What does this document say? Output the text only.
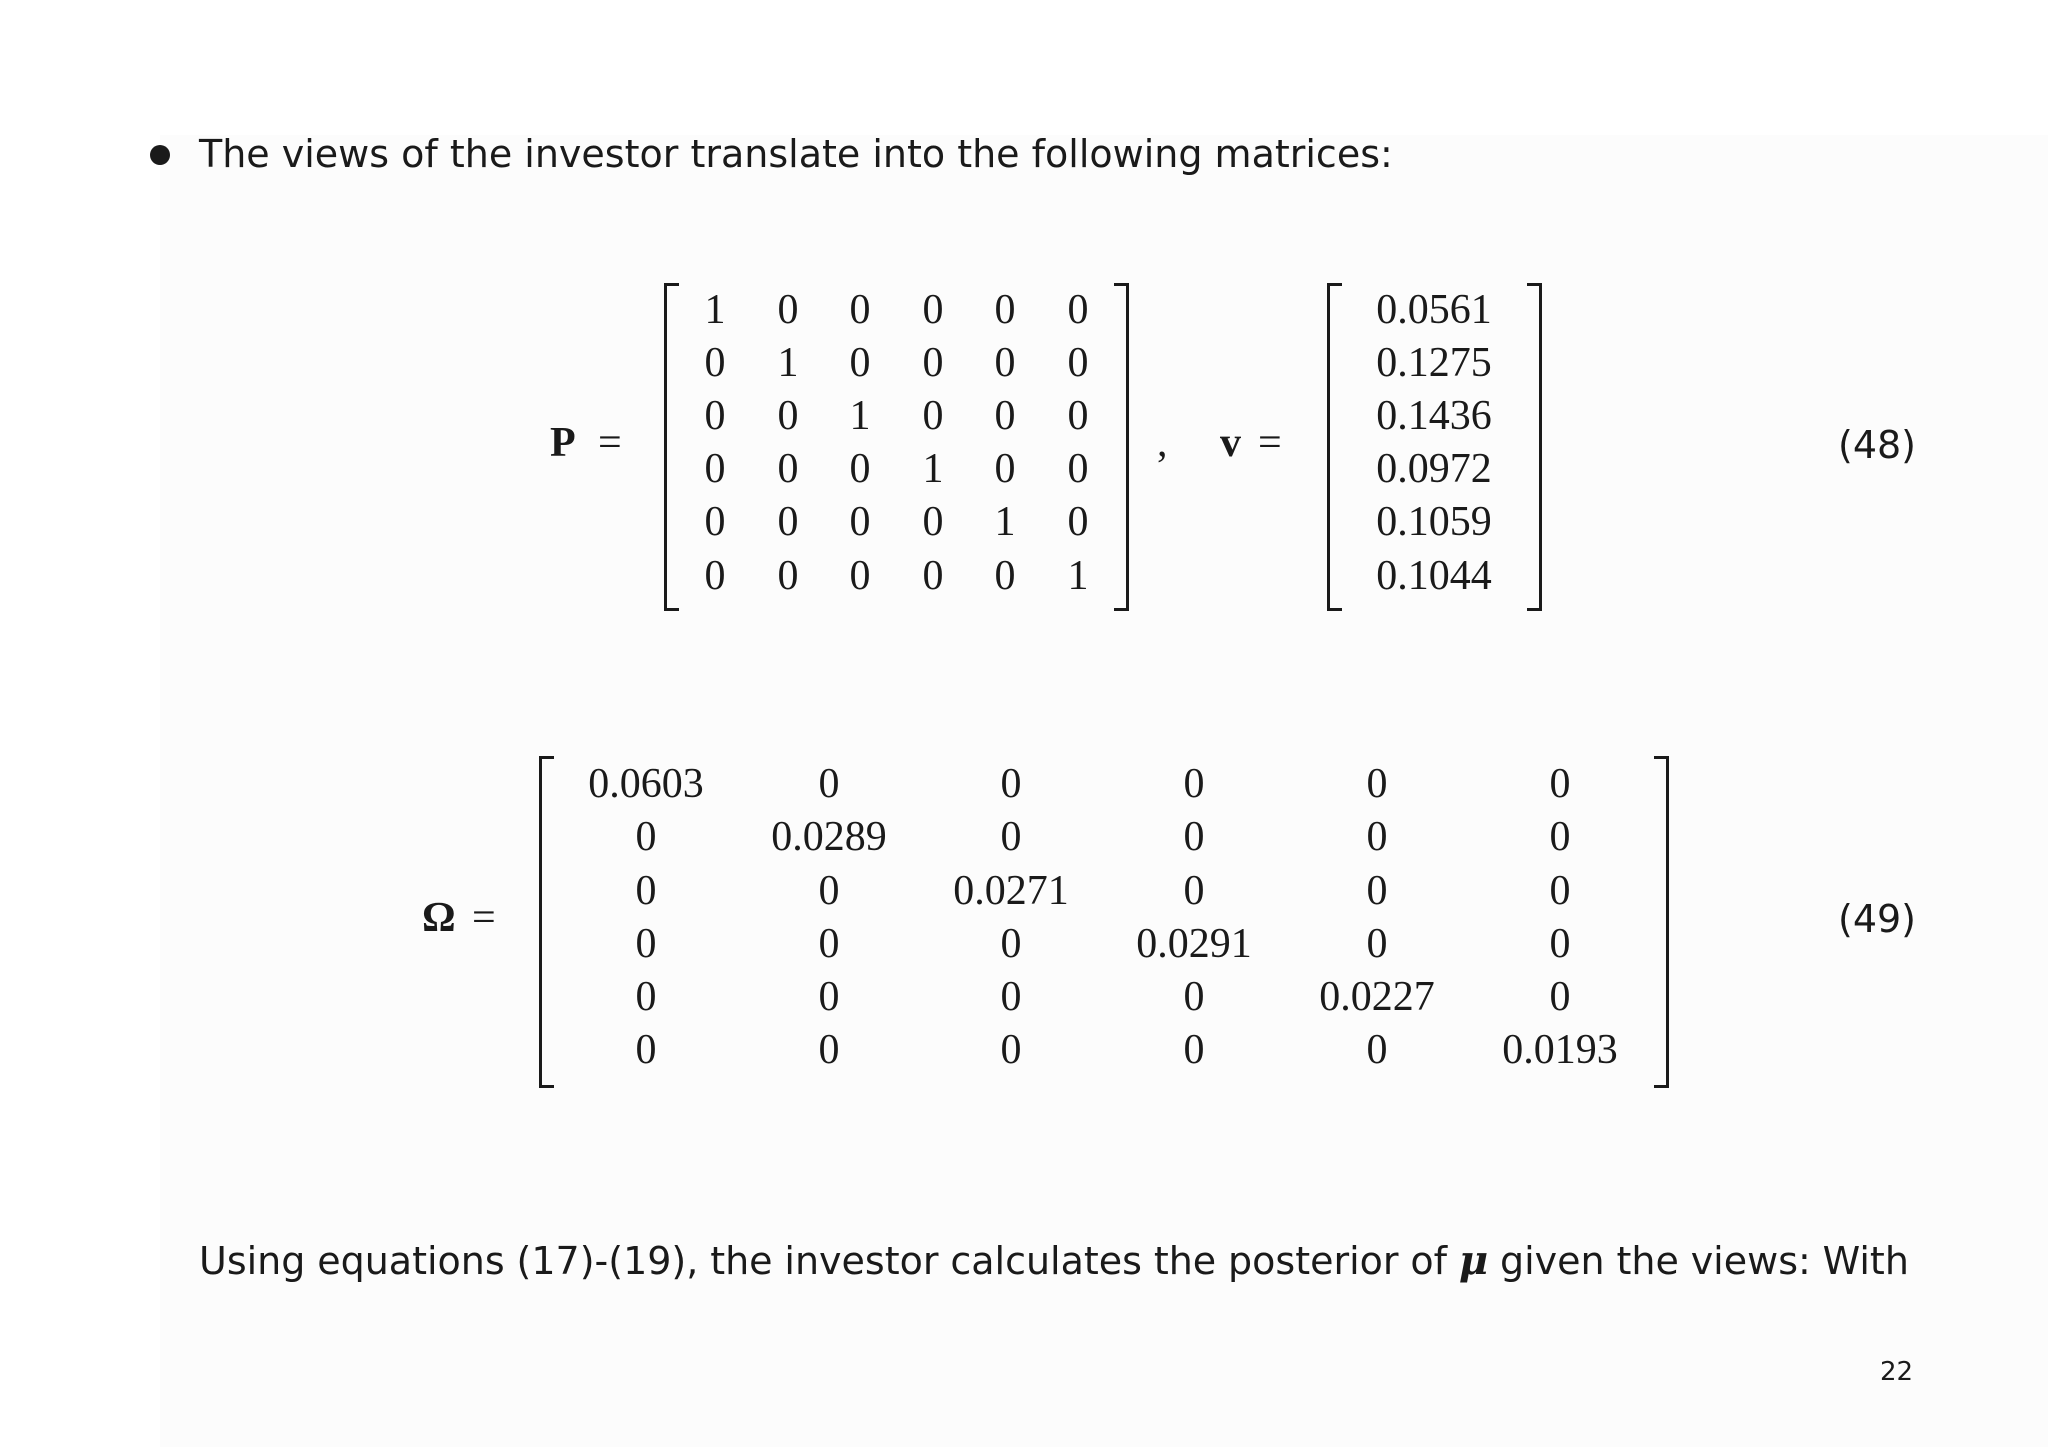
The views of the investor translate into the following matrices:
P =
1 0 0 0 0 0
0 1 0 0 0 0
0 0 1 0 0 0
0 0 0 1 0 0
0 0 0 0 1 0
0 0 0 0 0 1
, v =
0.0561
0.1275
0.1436
0.0972
0.1059
0.1044
(48)
Ω =
0.0603	0	0	0	0	0
0	0.0289	0	0	0	0
0	0	0.0271	0	0	0
0	0	0	0.0291	0	0
0	0	0	0	0.0227	0
0	0	0	0	0	0.0193
(49)
Using equations (17)-(19), the investor calculates the posterior of μ given the views: With
22
